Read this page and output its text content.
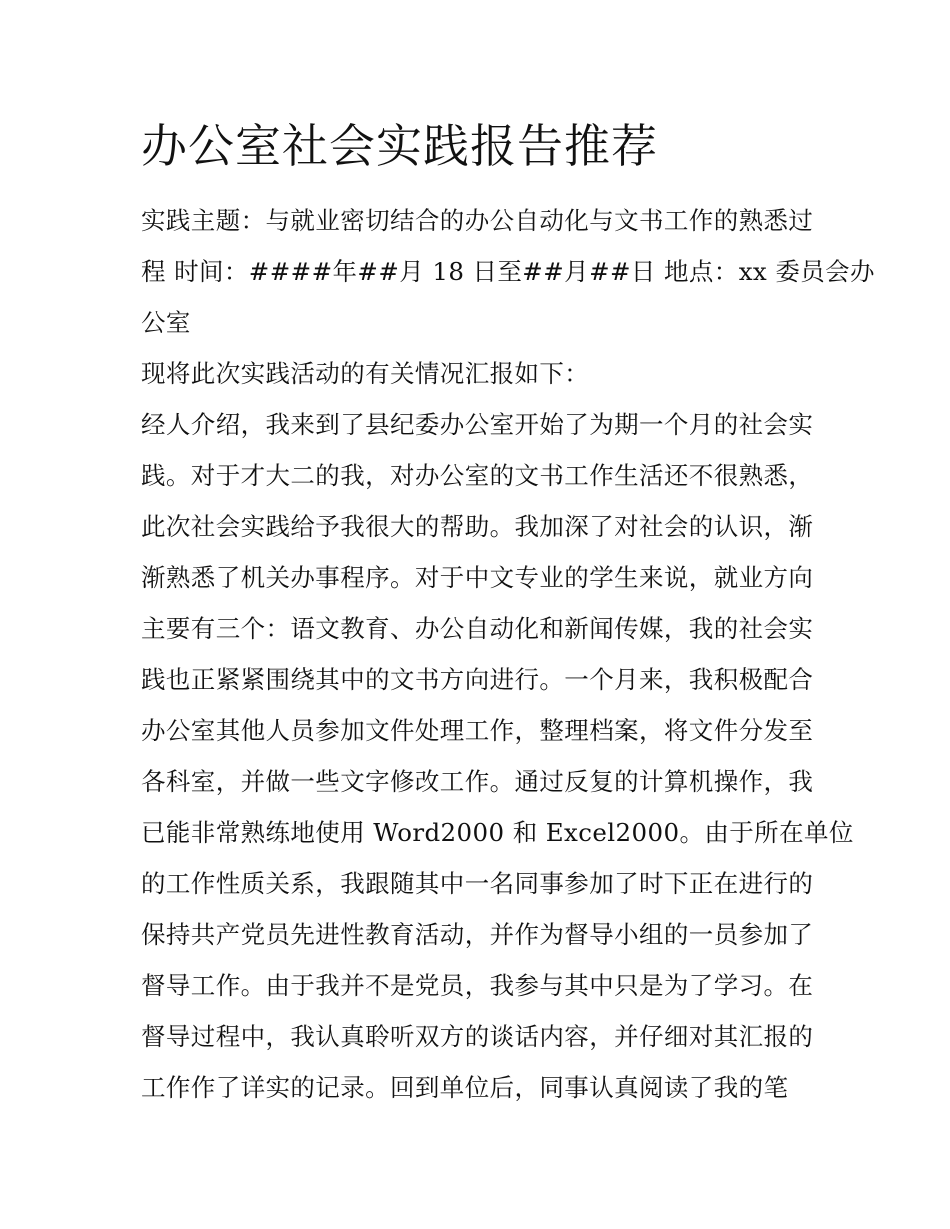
办公室社会实践报告推荐
实践主题：与就业密切结合的办公自动化与文书工作的熟悉过
程 时间：####年##月 18 日至##月##日 地点：xx 委员会办
公室
现将此次实践活动的有关情况汇报如下：
经人介绍，我来到了县纪委办公室开始了为期一个月的社会实
践。对于才大二的我，对办公室的文书工作生活还不很熟悉，
此次社会实践给予我很大的帮助。我加深了对社会的认识，渐
渐熟悉了机关办事程序。对于中文专业的学生来说，就业方向
主要有三个：语文教育、办公自动化和新闻传媒，我的社会实
践也正紧紧围绕其中的文书方向进行。一个月来，我积极配合
办公室其他人员参加文件处理工作，整理档案，将文件分发至
各科室，并做一些文字修改工作。通过反复的计算机操作，我
已能非常熟练地使用 Word2000 和 Excel2000。由于所在单位
的工作性质关系，我跟随其中一名同事参加了时下正在进行的
保持共产党员先进性教育活动，并作为督导小组的一员参加了
督导工作。由于我并不是党员，我参与其中只是为了学习。在
督导过程中，我认真聆听双方的谈话内容，并仔细对其汇报的
工作作了详实的记录。回到单位后，同事认真阅读了我的笔
